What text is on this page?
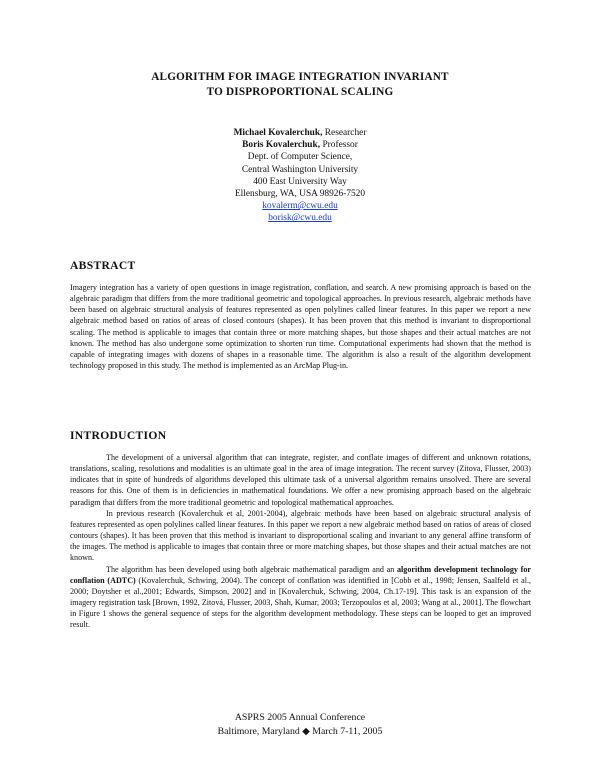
ALGORITHM FOR IMAGE INTEGRATION INVARIANT
TO DISPROPORTIONAL SCALING
Michael Kovalerchuk, Researcher
Boris Kovalerchuk, Professor
Dept. of Computer Science,
Central Washington University
400 East University Way
Ellensburg, WA, USA 98926-7520
kovalerm@cwu.edu
borisk@cwu.edu
ABSTRACT

Imagery integration has a variety of open questions in image registration, conflation, and search. A new promising approach is based on the algebraic paradigm that differs from the more traditional geometric and topological approaches. In previous research, algebraic methods have been based on algebraic structural analysis of features represented as open polylines called linear features. In this paper we report a new algebraic method based on ratios of areas of closed contours (shapes). It has been proven that this method is invariant to disproportional scaling. The method is applicable to images that contain three or more matching shapes, but those shapes and their actual matches are not known. The method has also undergone some optimization to shorten run time. Computational experiments had shown that the method is capable of integrating images with dozens of shapes in a reasonable time. The algorithm is also a result of the algorithm development technology proposed in this study. The method is implemented as an ArcMap Plug-in.

INTRODUCTION

The development of a universal algorithm that can integrate, register, and conflate images of different and unknown rotations, translations, scaling, resolutions and modalities is an ultimate goal in the area of image integration. The recent survey (Zitova, Flusser, 2003) indicates that in spite of hundreds of algorithms developed this ultimate task of a universal algorithm remains unsolved. There are several reasons for this. One of them is in deficiencies in mathematical foundations. We offer a new promising approach based on the algebraic paradigm that differs from the more traditional geometric and topological mathematical approaches.

In previous research (Kovalerchuk et al, 2001-2004), algebraic methods have been based on algebraic structural analysis of features represented as open polylines called linear features. In this paper we report a new algebraic method based on ratios of areas of closed contours (shapes). It has been proven that this method is invariant to disproportional scaling and invariant to any general affine transform of the images. The method is applicable to images that contain three or more matching shapes, but those shapes and their actual matches are not known.

The algorithm has been developed using both algebraic mathematical paradigm and an algorithm development technology for conflation (ADTC) (Kovalerchuk, Schwing, 2004). The concept of conflation was identified in [Cobb et al., 1998; Jensen, Saalfeld et al., 2000; Doytsher et al.,2001; Edwards, Simpson, 2002] and in [Kovalerchuk, Schwing, 2004, Ch.17-19]. This task is an expansion of the imagery registration task [Brown, 1992, Zitová, Flusser, 2003, Shah, Kumar, 2003; Terzopoulos et al, 2003; Wang at al., 2001]. The flowchart in Figure 1 shows the general sequence of steps for the algorithm development methodology. These steps can be looped to get an improved result.

ASPRS 2005 Annual Conference
Baltimore, Maryland ◆ March 7-11, 2005
